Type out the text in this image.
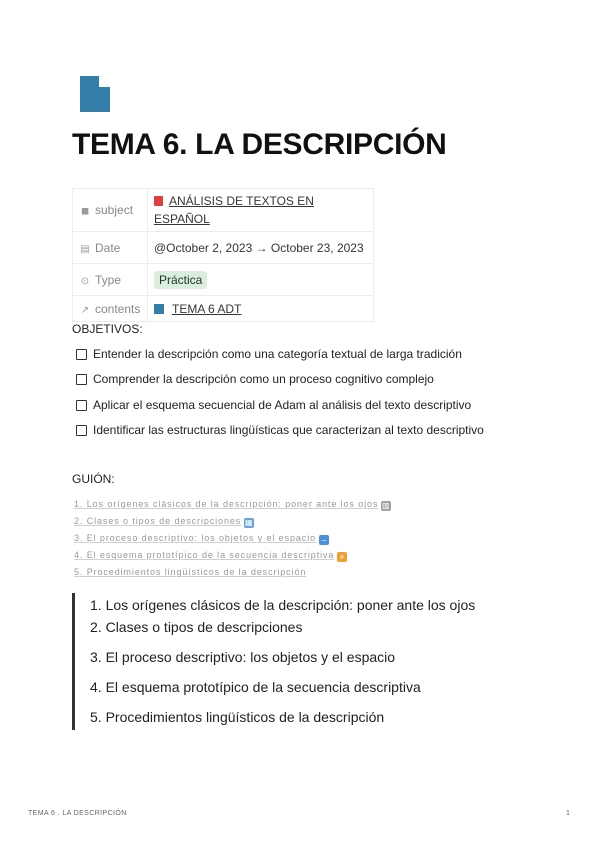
TEMA 6. LA DESCRIPCIÓN
◼ subject	ANÁLISIS DE TEXTOS EN
ESPAÑOL

▤ Date	@October 2, 2023 → October 23, 2023
⊙ Type	Práctica
↗ contents	TEMA 6 ADT
OBJETIVOS:
Entender la descripción como una categoría textual de larga tradición
Comprender la descripción como un proceso cognitivo complejo
Aplicar el esquema secuencial de Adam al análisis del texto descriptivo
Identificar las estructuras lingüísticas que caracterizan al texto descriptivo
GUIÓN:
1. Los orígenes clásicos de la descripción: poner ante los ojos ▥
2. Clases o tipos de descripciones ▦
3. El proceso descriptivo: los objetos y el espacio →
4. El esquema prototípico de la secuencia descriptiva »
5. Procedimientos lingüísticos de la descripción
1. Los orígenes clásicos de la descripción: poner ante los ojos
2. Clases o tipos de descripciones
3. El proceso descriptivo: los objetos y el espacio
4. El esquema prototípico de la secuencia descriptiva
5. Procedimientos lingüísticos de la descripción
TEMA 6 . LA DESCRIPCIÓN	1
